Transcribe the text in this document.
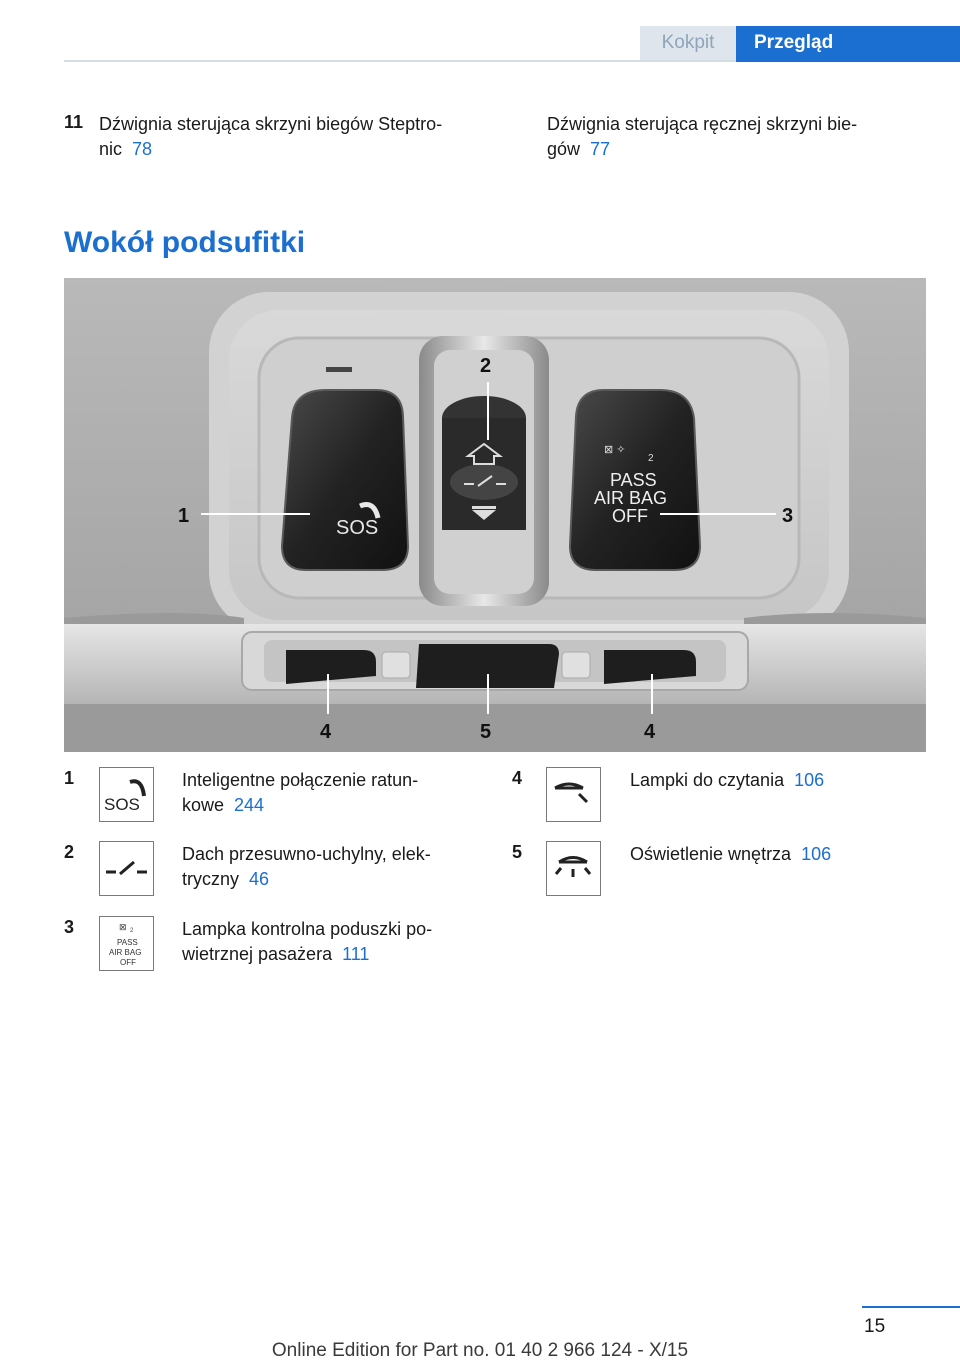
Kokpit	Przegląd
11 Dźwignia sterująca skrzyni biegów Steptro‐
nic 78
Dźwignia sterująca ręcznej skrzyni bie‐
gów 77
Wokół podsufitki
SOS
⊠ ✧
2
PASS
AIR BAG
OFF
1
2
3
4	5	4
1
SOS
Inteligentne połączenie ratun‐
kowe 244
2	Dach przesuwno-uchylny, elek‐
tryczny 46
3	⊠ 2
PASS
AIR BAG
OFF
Lampka kontrolna poduszki po‐
wietrznej pasażera 111
4	Lampki do czytania 106
5	Oświetlenie wnętrza 106
15
Online Edition for Part no. 01 40 2 966 124 - X/15
